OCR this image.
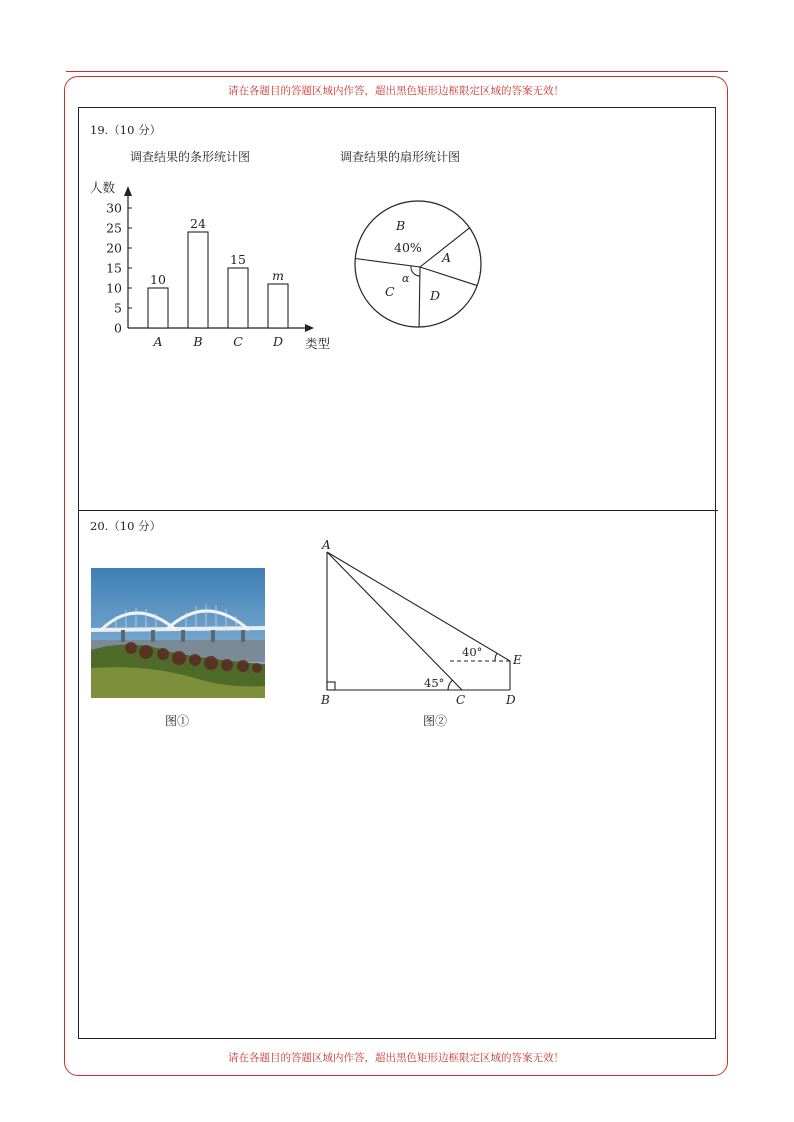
请在各题目的答题区域内作答，超出黑色矩形边框限定区域的答案无效！
请在各题目的答题区域内作答，超出黑色矩形边框限定区域的答案无效！
19.（10 分）
调查结果的条形统计图	调查结果的扇形统计图
人数
类型
0
5
10
15
20
25
30
10
A
24
B
15
C
m
D
B
40%
A
D
C
α
20.（10 分）
图①
A
B	C	D
E
40°
45°
图②
